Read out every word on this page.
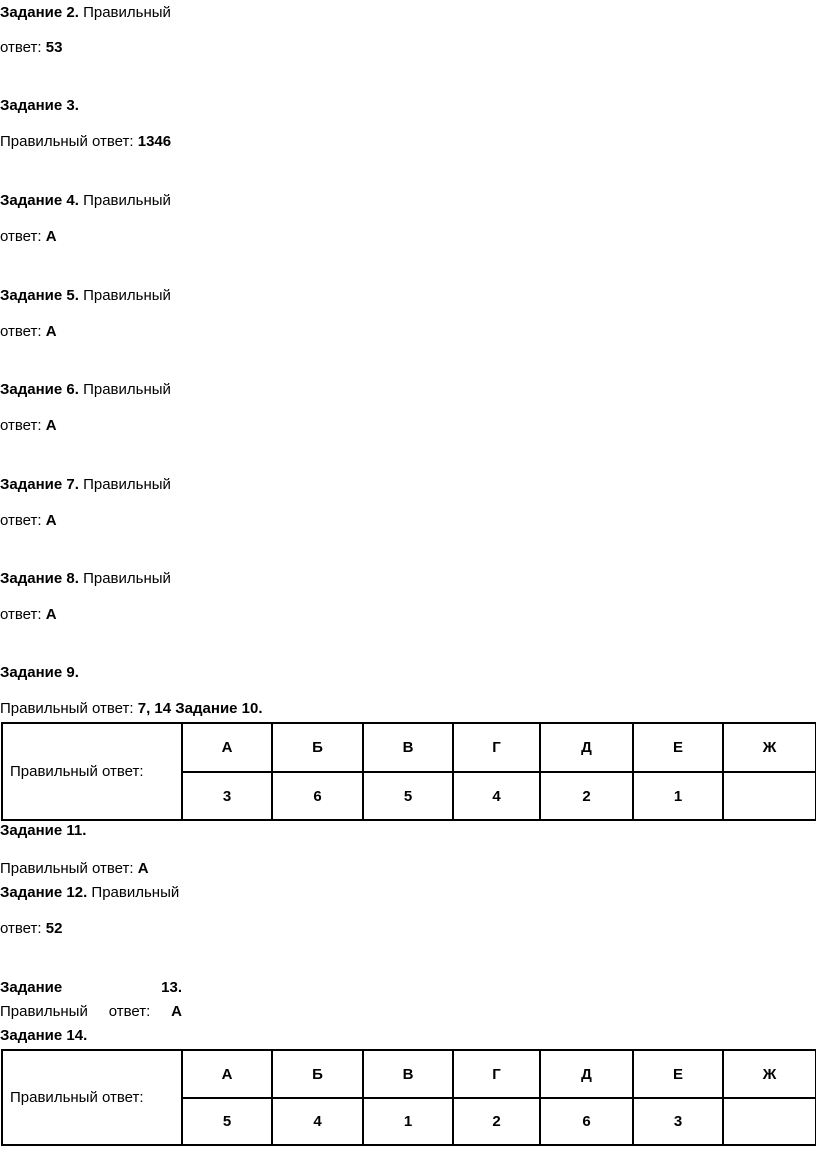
Задание 2. Правильный
ответ: 53
Задание 3.
Правильный ответ: 1346
Задание 4. Правильный
ответ: А
Задание 5. Правильный
ответ: А
Задание 6. Правильный
ответ: А
Задание 7. Правильный
ответ: А
Задание 8. Правильный
ответ: А
Задание 9.
Правильный ответ: 7, 14 Задание 10.
Правильный ответ:	А	Б	В	Г	Д	Е	Ж
	3	6	5	4	2	1	
Задание 11.
Правильный ответ: А
Задание 12. Правильный
ответ: 52
Задание	13.
Правильный ответ: А
Задание 14.
Правильный ответ:	А	Б	В	Г	Д	Е	Ж
	5	4	1	2	6	3	
